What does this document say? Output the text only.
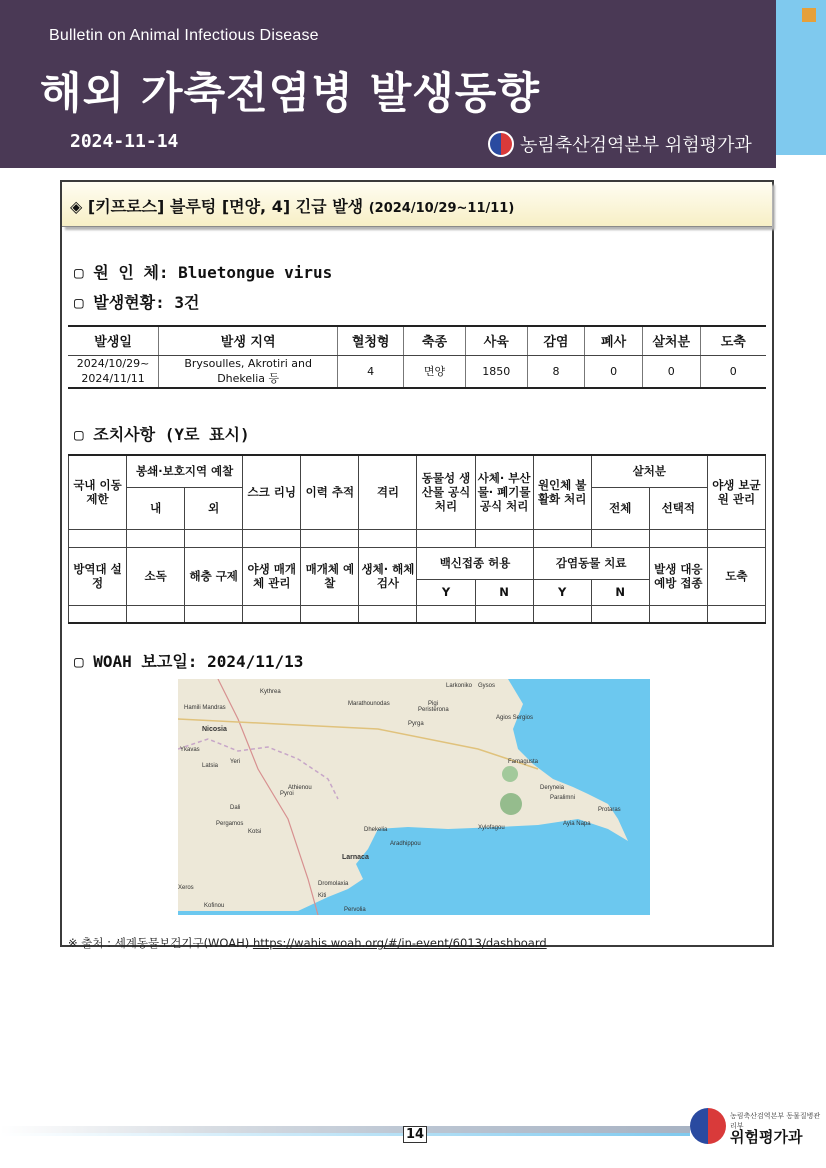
Bulletin on Animal Infectious Disease
해외 가축전염병 발생동향
2024-11-14	농림축산검역본부 위험평가과
◈ [키프로스] 블루텅 [면양, 4] 긴급 발생 (2024/10/29~11/11)
▢ 원 인 체: Bluetongue virus
▢ 발생현황: 3건
발생일	발생 지역	혈청형	축종	사육	감염	폐사	살처분	도축
2024/10/29~ 2024/11/11	Brysoulles, Akrotiri and Dhekelia 등	4	면양	1850	8	0	0	0
▢ 조치사항 (Y로 표시)
국내 이동 제한	봉쇄·보호지역 예찰		스크 리닝	이력 추적	격리	동물성 생산물 공식 처리	사체· 부산물· 폐기물 공식 처리	원인체 불활화 처리	살처분		야생 보균원 관리
	내	외							전체	선택적	

방역대 설정	소독	해충 구제	야생 매개체 관리	매개체 예찰	생체· 해체 검사	백신접종 허용		감염동물 치료		발생 대응 예방 접종	도축
						Y	N	Y	N		

▢ WOAH 보고일: 2024/11/13
Larkoniko Gysos
Kythrea
Marathounodas
Hamili Mandras
Pigi
Peristerona
Agios Sergios
Nicosia
Pyrga
Famagusta
Ykavas
Latsia
Yeri
Deryneia
Paralimni
Dali
Athienou
Pyroi
Protaras
Ayia Napa
Xylofagou
Dhekelia
Pergamos
Kotsi
Aradhippou
Larnaca
Dromolaxia
Kiti
Pervolia
Kofinou
Xeros
※ 출처 : 세계동물보건기구(WOAH) https://wahis.woah.org/#/in-event/6013/dashboard
14
농림축산검역본부 동물질병관리부
위험평가과
